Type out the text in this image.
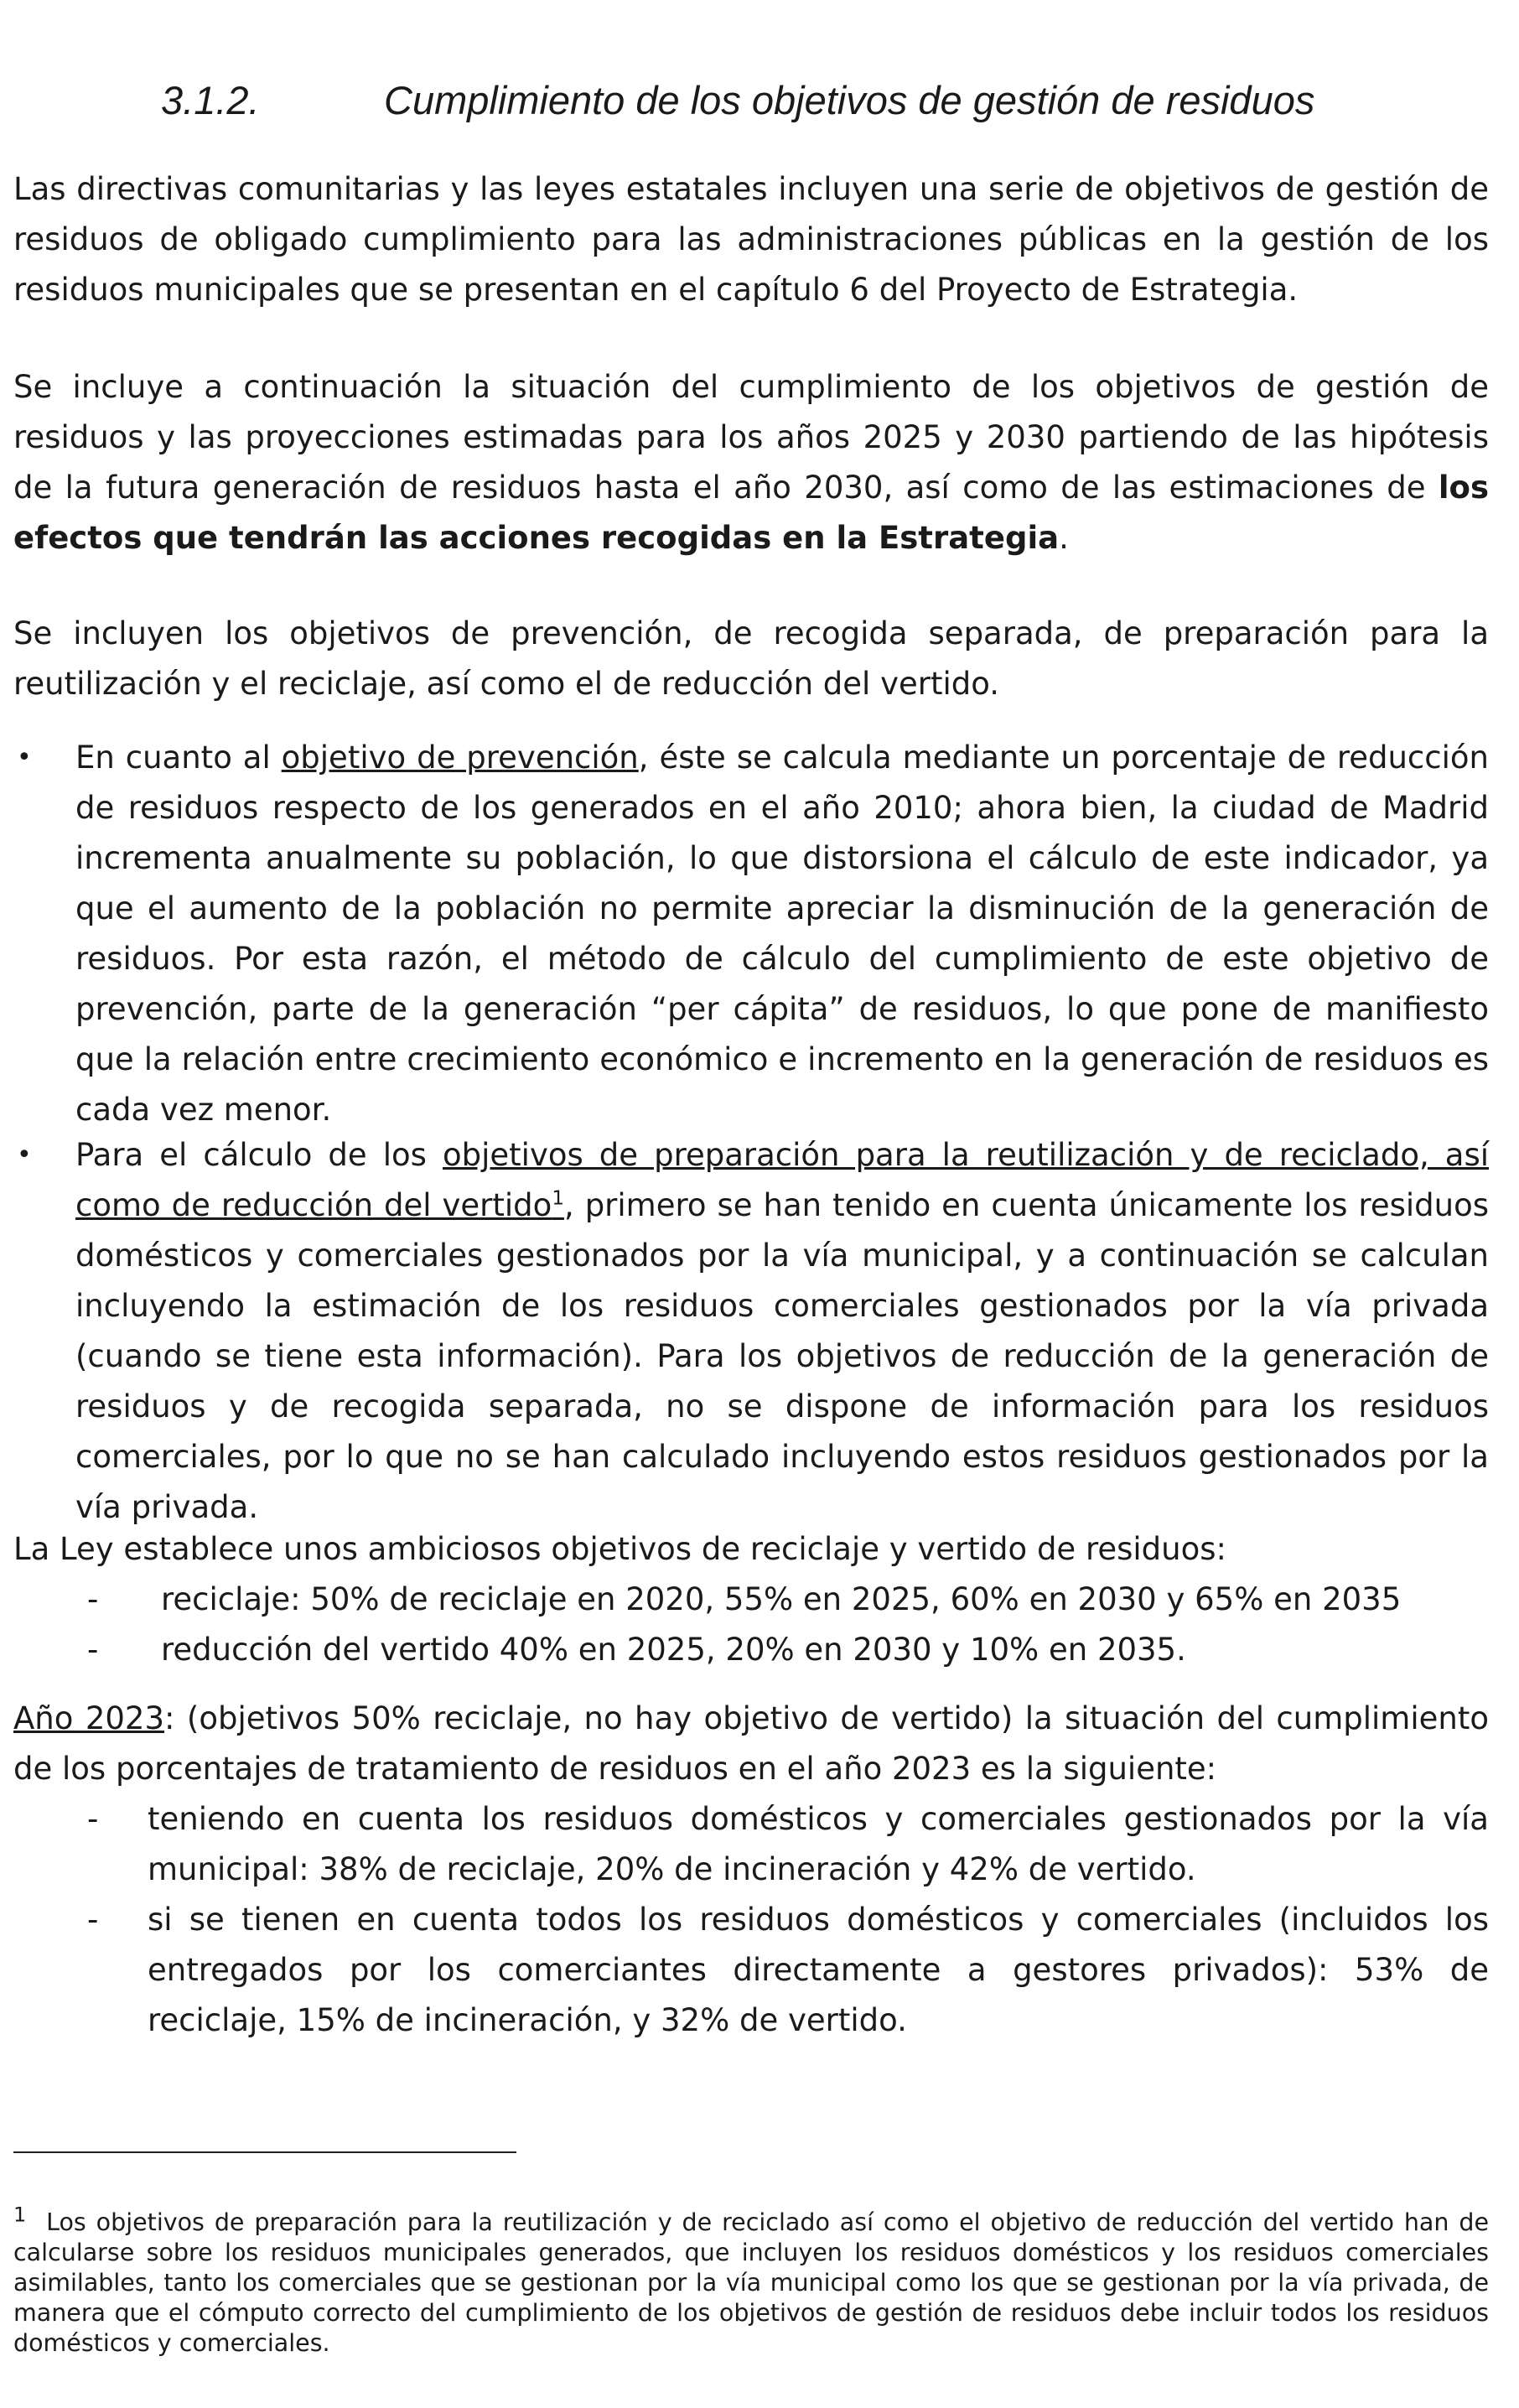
3.1.2.	Cumplimiento de los objetivos de gestión de residuos

Las directivas comunitarias y las leyes estatales incluyen una serie de objetivos de gestión de residuos de obligado cumplimiento para las administraciones públicas en la gestión de los residuos municipales que se presentan en el capítulo 6 del Proyecto de Estrategia.

Se incluye a continuación la situación del cumplimiento de los objetivos de gestión de residuos y las proyecciones estimadas para los años 2025 y 2030 partiendo de las hipótesis de la futura generación de residuos hasta el año 2030, así como de las estimaciones de los efectos que tendrán las acciones recogidas en la Estrategia.

Se incluyen los objetivos de prevención, de recogida separada, de preparación para la reutilización y el reciclaje, así como el de reducción del vertido.

• En cuanto al objetivo de prevención, éste se calcula mediante un porcentaje de reducción de residuos respecto de los generados en el año 2010; ahora bien, la ciudad de Madrid incrementa anualmente su población, lo que distorsiona el cálculo de este indicador, ya que el aumento de la población no permite apreciar la disminución de la generación de residuos. Por esta razón, el método de cálculo del cumplimiento de este objetivo de prevención, parte de la generación “per cápita” de residuos, lo que pone de manifiesto que la relación entre crecimiento económico e incremento en la generación de residuos es cada vez menor.
• Para el cálculo de los objetivos de preparación para la reutilización y de reciclado, así como de reducción del vertido$^1$, primero se han tenido en cuenta únicamente los residuos domésticos y comerciales gestionados por la vía municipal, y a continuación se calculan incluyendo la estimación de los residuos comerciales gestionados por la vía privada (cuando se tiene esta información). Para los objetivos de reducción de la generación de residuos y de recogida separada, no se dispone de información para los residuos comerciales, por lo que no se han calculado incluyendo estos residuos gestionados por la vía privada.

La Ley establece unos ambiciosos objetivos de reciclaje y vertido de residuos:

- reciclaje: 50% de reciclaje en 2020, 55% en 2025, 60% en 2030 y 65% en 2035
- reducción del vertido 40% en 2025, 20% en 2030 y 10% en 2035.

Año 2023: (objetivos 50% reciclaje, no hay objetivo de vertido) la situación del cumplimiento de los porcentajes de tratamiento de residuos en el año 2023 es la siguiente:

- teniendo en cuenta los residuos domésticos y comerciales gestionados por la vía municipal: 38% de reciclaje, 20% de incineración y 42% de vertido.
- si se tienen en cuenta todos los residuos domésticos y comerciales (incluidos los entregados por los comerciantes directamente a gestores privados): 53% de reciclaje, 15% de incineración, y 32% de vertido.

$^1$ Los objetivos de preparación para la reutilización y de reciclado así como el objetivo de reducción del vertido han de calcularse sobre los residuos municipales generados, que incluyen los residuos domésticos y los residuos comerciales asimilables, tanto los comerciales que se gestionan por la vía municipal como los que se gestionan por la vía privada, de manera que el cómputo correcto del cumplimiento de los objetivos de gestión de residuos debe incluir todos los residuos domésticos y comerciales.
